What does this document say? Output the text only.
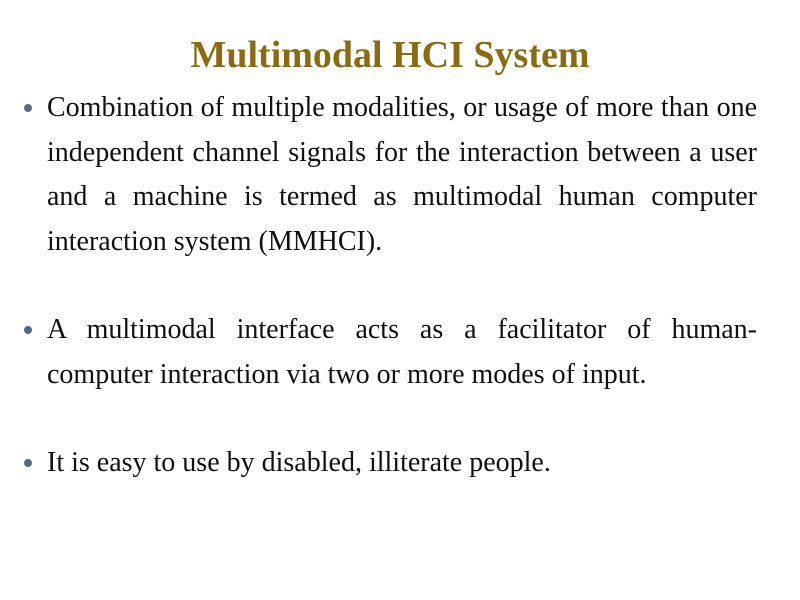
Multimodal HCI System
Combination of multiple modalities, or usage of more than one independent channel signals for the interaction between a user and a machine is termed as multimodal human computer interaction system (MMHCI).
A multimodal interface acts as a facilitator of human- computer interaction via two or more modes of input.
It is easy to use by disabled, illiterate people.
